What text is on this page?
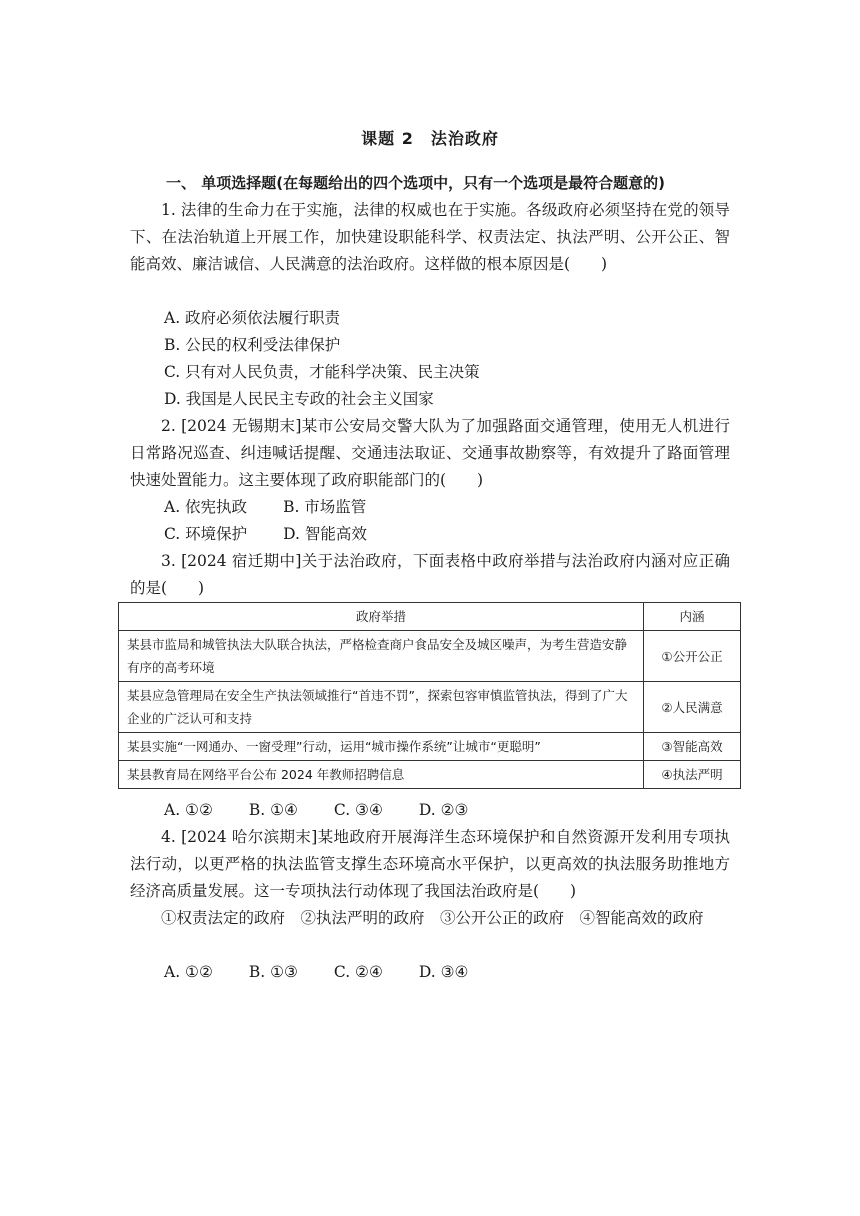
课题 2　法治政府
一、 单项选择题(在每题给出的四个选项中，只有一个选项是最符合题意的)
1. 法律的生命力在于实施，法律的权威也在于实施。各级政府必须坚持在党的领导下、在法治轨道上开展工作，加快建设职能科学、权责法定、执法严明、公开公正、智能高效、廉洁诚信、人民满意的法治政府。这样做的根本原因是(　　)
A. 政府必须依法履行职责
B. 公民的权利受法律保护
C. 只有对人民负责，才能科学决策、民主决策
D. 我国是人民民主专政的社会主义国家
2. [2024 无锡期末]某市公安局交警大队为了加强路面交通管理，使用无人机进行日常路况巡查、纠违喊话提醒、交通违法取证、交通事故勘察等，有效提升了路面管理快速处置能力。这主要体现了政府职能部门的(　　)
A. 依宪执政 B. 市场监管
C. 环境保护 D. 智能高效
3. [2024 宿迁期中]关于法治政府，下面表格中政府举措与法治政府内涵对应正确的是(　　)
政府举措	内涵
某县市监局和城管执法大队联合执法，严格检查商户食品安全及城区噪声，为考生营造安静有序的高考环境	①公开公正
某县应急管理局在安全生产执法领域推行“首违不罚”，探索包容审慎监管执法，得到了广大企业的广泛认可和支持	②人民满意
某县实施“一网通办、一窗受理”行动，运用“城市操作系统”让城市“更聪明”	③智能高效
某县教育局在网络平台公布 2024 年教师招聘信息	④执法严明
A. ①② B. ①④ C. ③④ D. ②③
4. [2024 哈尔滨期末]某地政府开展海洋生态环境保护和自然资源开发利用专项执法行动，以更严格的执法监管支撑生态环境高水平保护，以更高效的执法服务助推地方经济高质量发展。这一专项执法行动体现了我国法治政府是(　　)
①权责法定的政府　②执法严明的政府　③公开公正的政府　④智能高效的政府
A. ①② B. ①③ C. ②④ D. ③④
